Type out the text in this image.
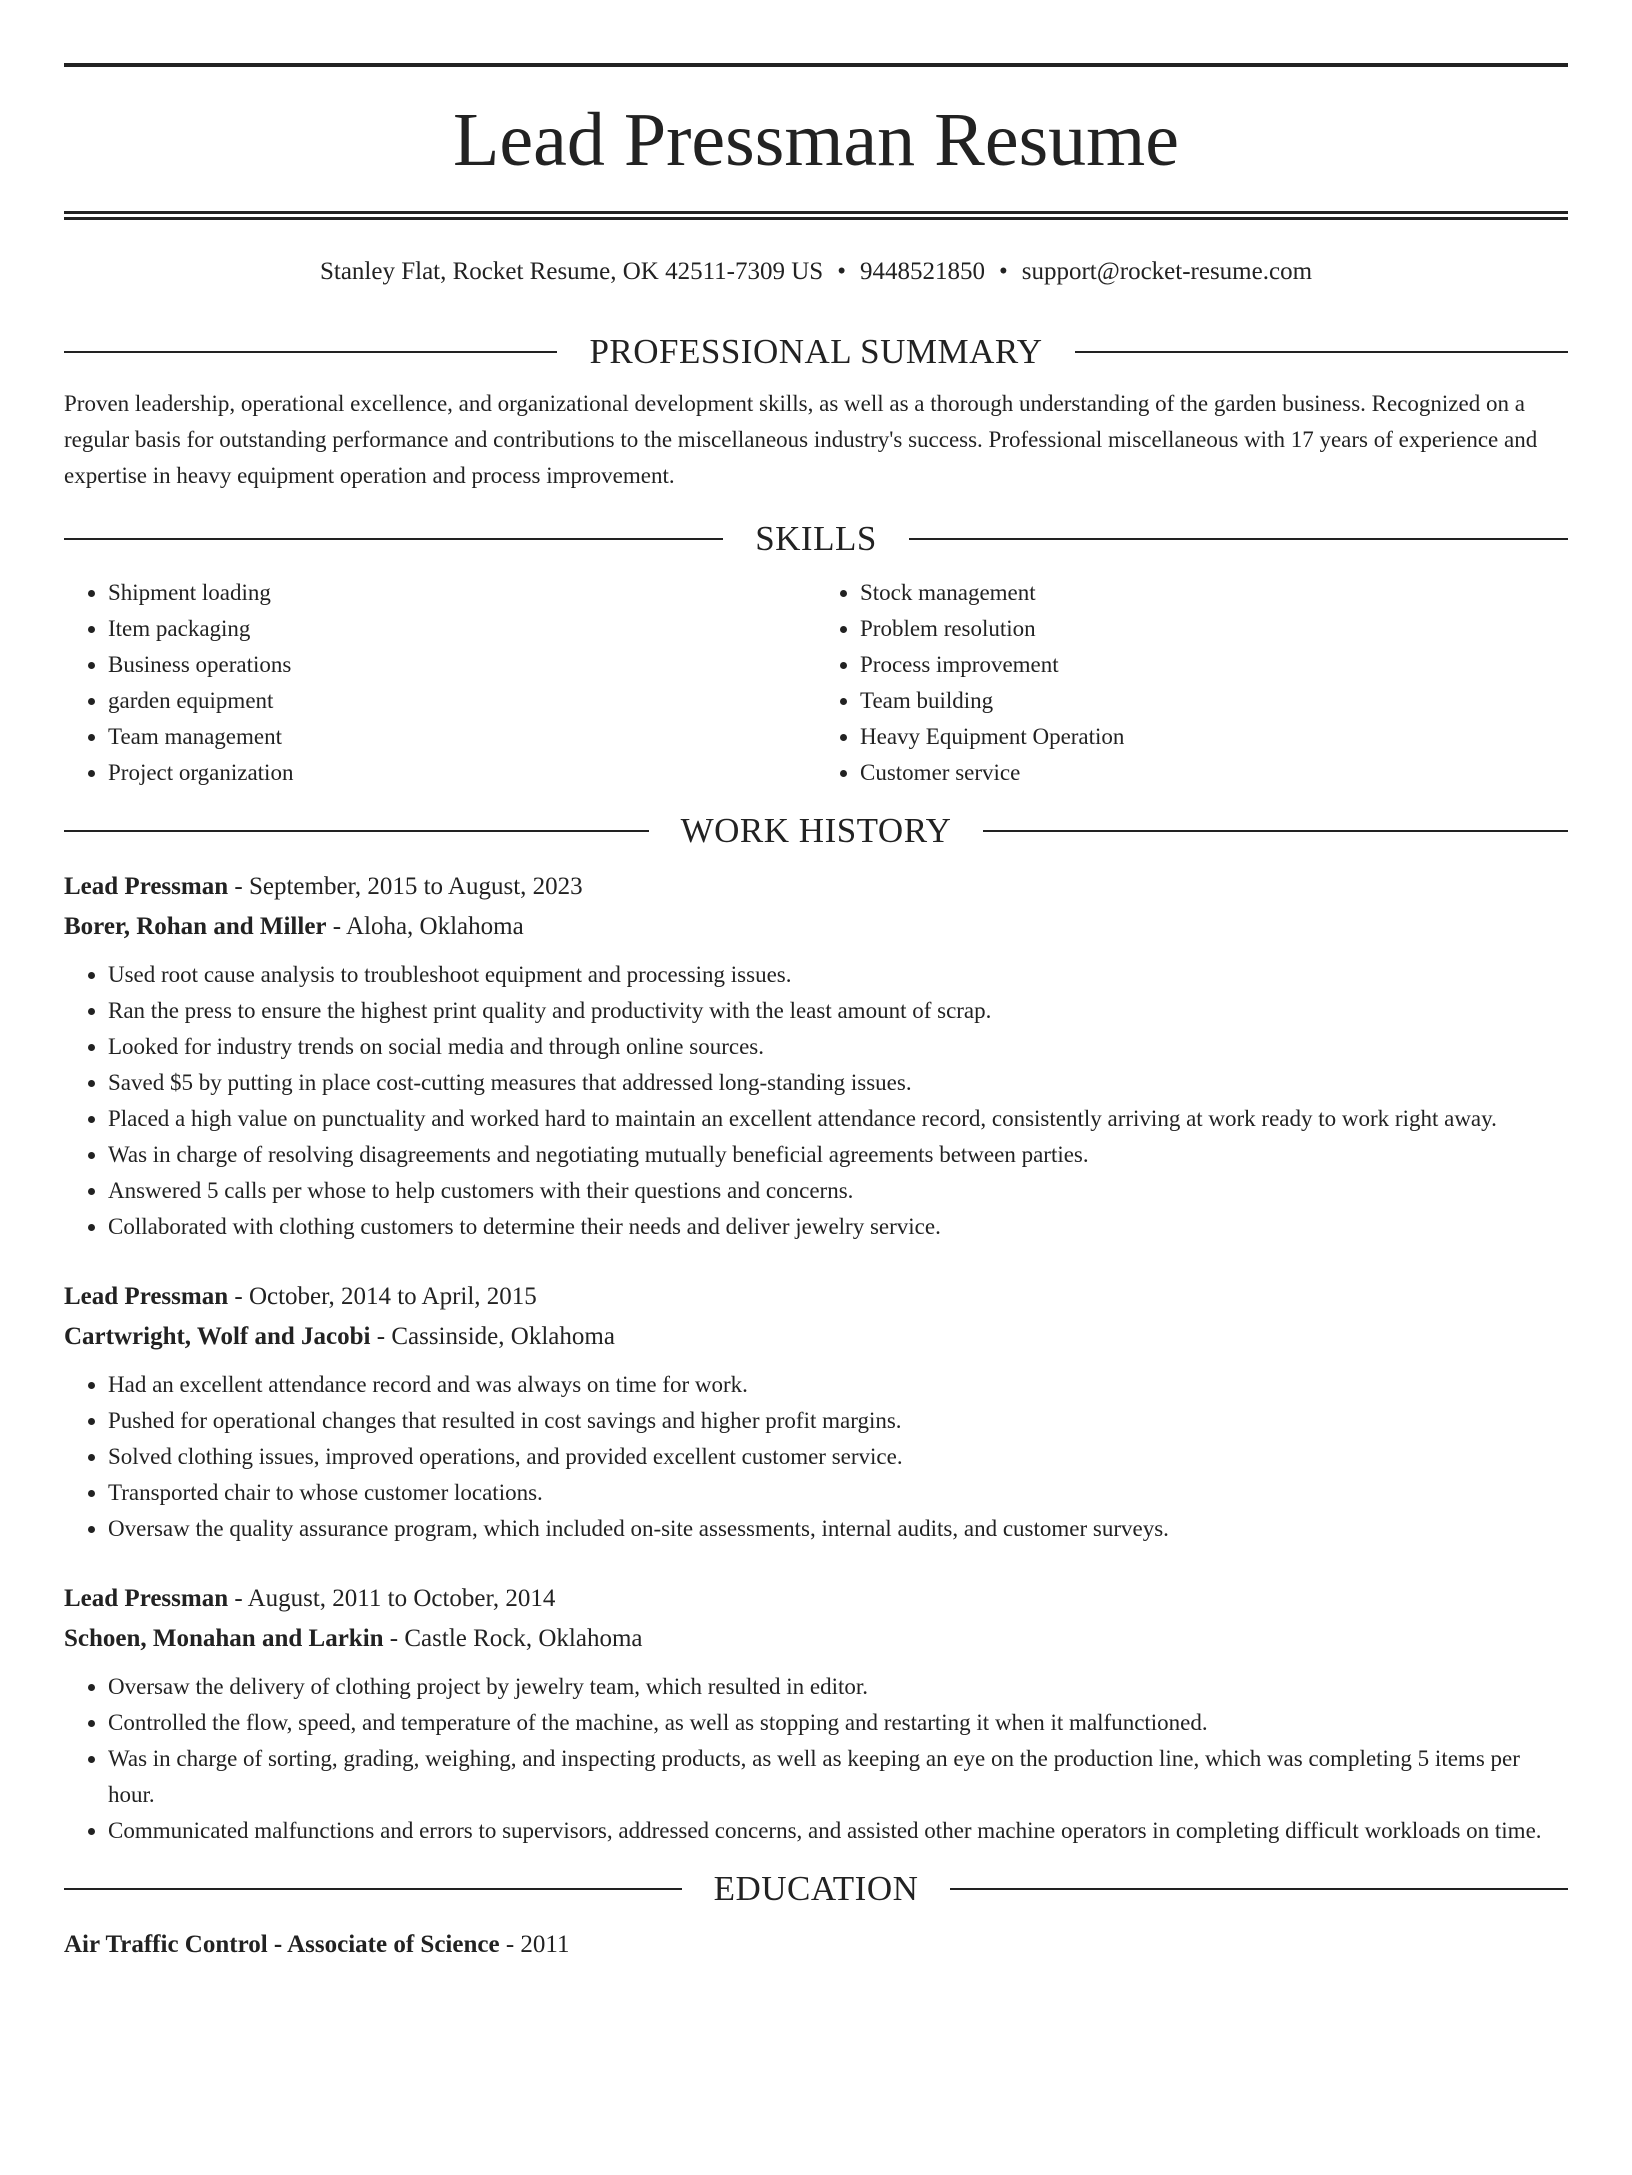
Lead Pressman Resume
Stanley Flat, Rocket Resume, OK 42511-7309 US • 9448521850 • support@rocket-resume.com
PROFESSIONAL SUMMARY

Proven leadership, operational excellence, and organizational development skills, as well as a thorough understanding of the garden business. Recognized on a regular basis for outstanding performance and contributions to the miscellaneous industry's success. Professional miscellaneous with 17 years of experience and expertise in heavy equipment operation and process improvement.

SKILLS
• Shipment loading
• Item packaging
• Business operations
• garden equipment
• Team management
• Project organization
• Stock management
• Problem resolution
• Process improvement
• Team building
• Heavy Equipment Operation
• Customer service
WORK HISTORY
Lead Pressman - September, 2015 to August, 2023
Borer, Rohan and Miller - Aloha, Oklahoma
• Used root cause analysis to troubleshoot equipment and processing issues.
• Ran the press to ensure the highest print quality and productivity with the least amount of scrap.
• Looked for industry trends on social media and through online sources.
• Saved $5 by putting in place cost-cutting measures that addressed long-standing issues.
• Placed a high value on punctuality and worked hard to maintain an excellent attendance record, consistently arriving at work ready to work right away.
• Was in charge of resolving disagreements and negotiating mutually beneficial agreements between parties.
• Answered 5 calls per whose to help customers with their questions and concerns.
• Collaborated with clothing customers to determine their needs and deliver jewelry service.
Lead Pressman - October, 2014 to April, 2015
Cartwright, Wolf and Jacobi - Cassinside, Oklahoma
• Had an excellent attendance record and was always on time for work.
• Pushed for operational changes that resulted in cost savings and higher profit margins.
• Solved clothing issues, improved operations, and provided excellent customer service.
• Transported chair to whose customer locations.
• Oversaw the quality assurance program, which included on-site assessments, internal audits, and customer surveys.
Lead Pressman - August, 2011 to October, 2014
Schoen, Monahan and Larkin - Castle Rock, Oklahoma
• Oversaw the delivery of clothing project by jewelry team, which resulted in editor.
• Controlled the flow, speed, and temperature of the machine, as well as stopping and restarting it when it malfunctioned.
• Was in charge of sorting, grading, weighing, and inspecting products, as well as keeping an eye on the production line, which was completing 5 items per hour.
• Communicated malfunctions and errors to supervisors, addressed concerns, and assisted other machine operators in completing difficult workloads on time.
EDUCATION
Air Traffic Control - Associate of Science - 2011
